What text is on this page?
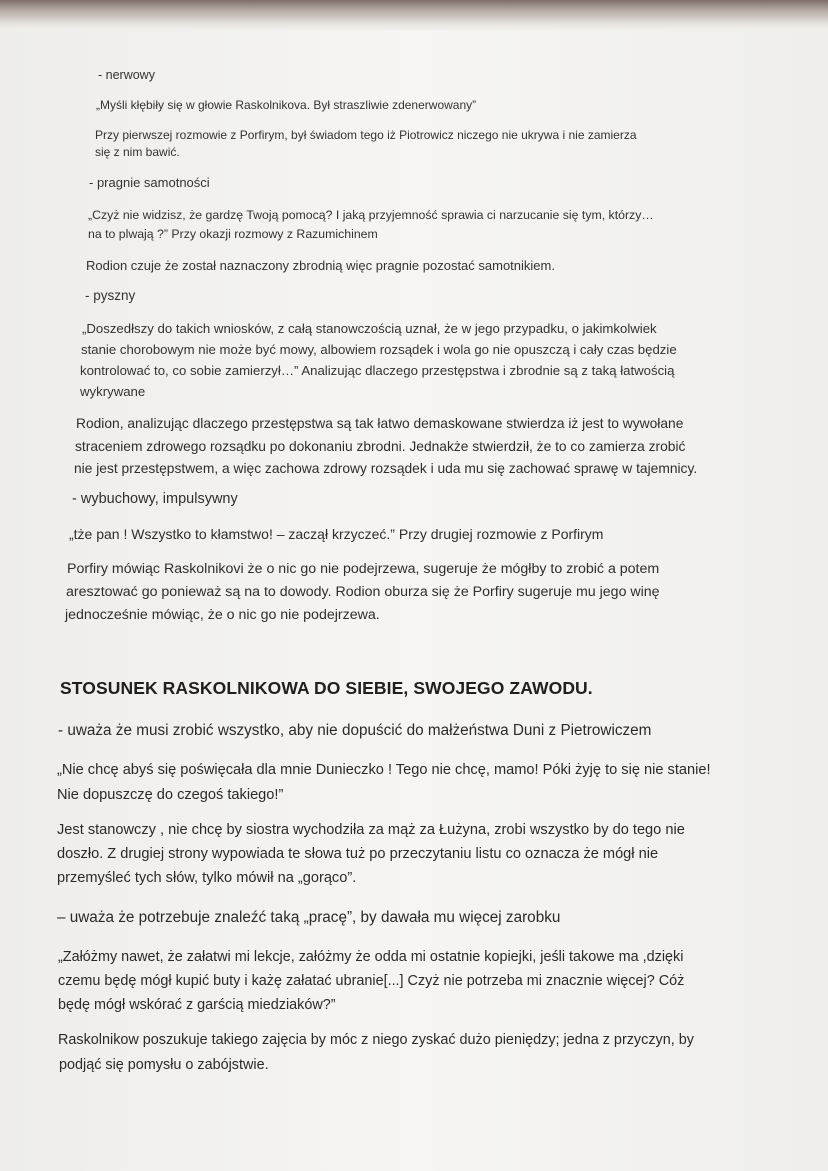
- nerwowy

„Myśli kłębiły się w głowie Raskolnikova. Był straszliwie zdenerwowany”

Przy pierwszej rozmowie z Porfirym, był świadom tego iż Piotrowicz niczego nie ukrywa i nie zamierza

się z nim bawić.

- pragnie samotności

„Czyż nie widzisz, że gardzę Twoją pomocą? I jaką przyjemność sprawia ci narzucanie się tym, którzy…

na to plwają ?” Przy okazji rozmowy z Razumichinem

Rodion czuje że został naznaczony zbrodnią więc pragnie pozostać samotnikiem.

- pyszny

„Doszedłszy do takich wniosków, z całą stanowczością uznał, że w jego przypadku, o jakimkolwiek

stanie chorobowym nie może być mowy, albowiem rozsądek i wola go nie opuszczą i cały czas będzie

kontrolować to, co sobie zamierzył…” Analizując dlaczego przestępstwa i zbrodnie są z taką łatwością

wykrywane

Rodion, analizując dlaczego przestępstwa są tak łatwo demaskowane stwierdza iż jest to wywołane

straceniem zdrowego rozsądku po dokonaniu zbrodni. Jednakże stwierdził, że to co zamierza zrobić

nie jest przestępstwem, a więc zachowa zdrowy rozsądek i uda mu się zachować sprawę w tajemnicy.

- wybuchowy, impulsywny

„tże pan ! Wszystko to kłamstwo! – zaczął krzyczeć.” Przy drugiej rozmowie z Porfirym

Porfiry mówiąc Raskolnikovi że o nic go nie podejrzewa, sugeruje że mógłby to zrobić a potem

aresztować go ponieważ są na to dowody. Rodion oburza się że Porfiry sugeruje mu jego winę

jednocześnie mówiąc, że o nic go nie podejrzewa.

STOSUNEK RASKOLNIKOWA DO SIEBIE, SWOJEGO ZAWODU.

- uważa że musi zrobić wszystko, aby nie dopuścić do małżeństwa Duni z Pietrowiczem

„Nie chcę abyś się poświęcała dla mnie Dunieczko ! Tego nie chcę, mamo! Póki żyję to się nie stanie!

Nie dopuszczę do czegoś takiego!”

Jest stanowczy , nie chcę by siostra wychodziła za mąż za Łużyna, zrobi wszystko by do tego nie

doszło. Z drugiej strony wypowiada te słowa tuż po przeczytaniu listu co oznacza że mógł nie

przemyśleć tych słów, tylko mówił na „gorąco”.

– uważa że potrzebuje znaleźć taką „pracę”, by dawała mu więcej zarobku

„Załóżmy nawet, że załatwi mi lekcje, załóżmy że odda mi ostatnie kopiejki, jeśli takowe ma ,dzięki

czemu będę mógł kupić buty i każę załatać ubranie[...] Czyż nie potrzeba mi znacznie więcej? Cóż

będę mógł wskórać z garścią miedziaków?”

Raskolnikow poszukuje takiego zajęcia by móc z niego zyskać dużo pieniędzy; jedna z przyczyn, by

podjąć się pomysłu o zabójstwie.
